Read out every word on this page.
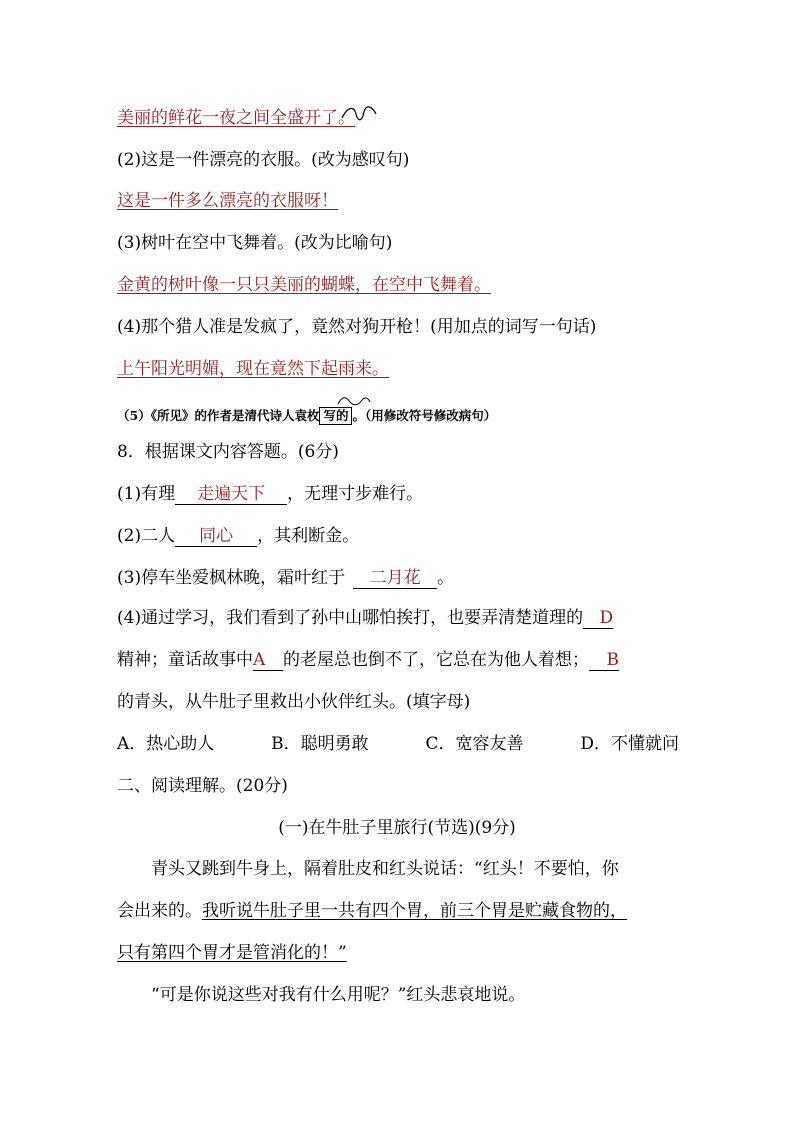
美丽的鲜花一夜之间全盛开了。
(2)这是一件漂亮的衣服。(改为感叹句)
这是一件多么漂亮的衣服呀！
(3)树叶在空中飞舞着。(改为比喻句)
金黄的树叶像一只只美丽的蝴蝶，在空中飞舞着。
(4)那个猎人准是发疯了，竟然对狗开枪！(用加点的词写一句话)
上午阳光明媚，现在竟然下起雨来。
（5）《所见》的作者是清代诗人袁枚 写的 。（用修改符号修改病句）
8．根据课文内容答题。(6分)
(1)有理 走遍天下 ，无理寸步难行。
(2)二人 同心 ，其利断金。
(3)停车坐爱枫林晚，霜叶红于 二月花 。
(4)通过学习，我们看到了孙中山哪怕挨打，也要弄清楚道理的 D
精神；童话故事中A 的老屋总也倒不了，它总在为他人着想； B
的青头，从牛肚子里救出小伙伴红头。(填字母)
A．热心助人	B．聪明勇敢	C．宽容友善	D．不懂就问
二、阅读理解。(20分)
(一)在牛肚子里旅行(节选)(9分)
青头又跳到牛身上，隔着肚皮和红头说话：“红头！不要怕，你
会出来的。我听说牛肚子里一共有四个胃，前三个胃是贮藏食物的，
只有第四个胃才是管消化的！”
“可是你说这些对我有什么用呢？”红头悲哀地说。
